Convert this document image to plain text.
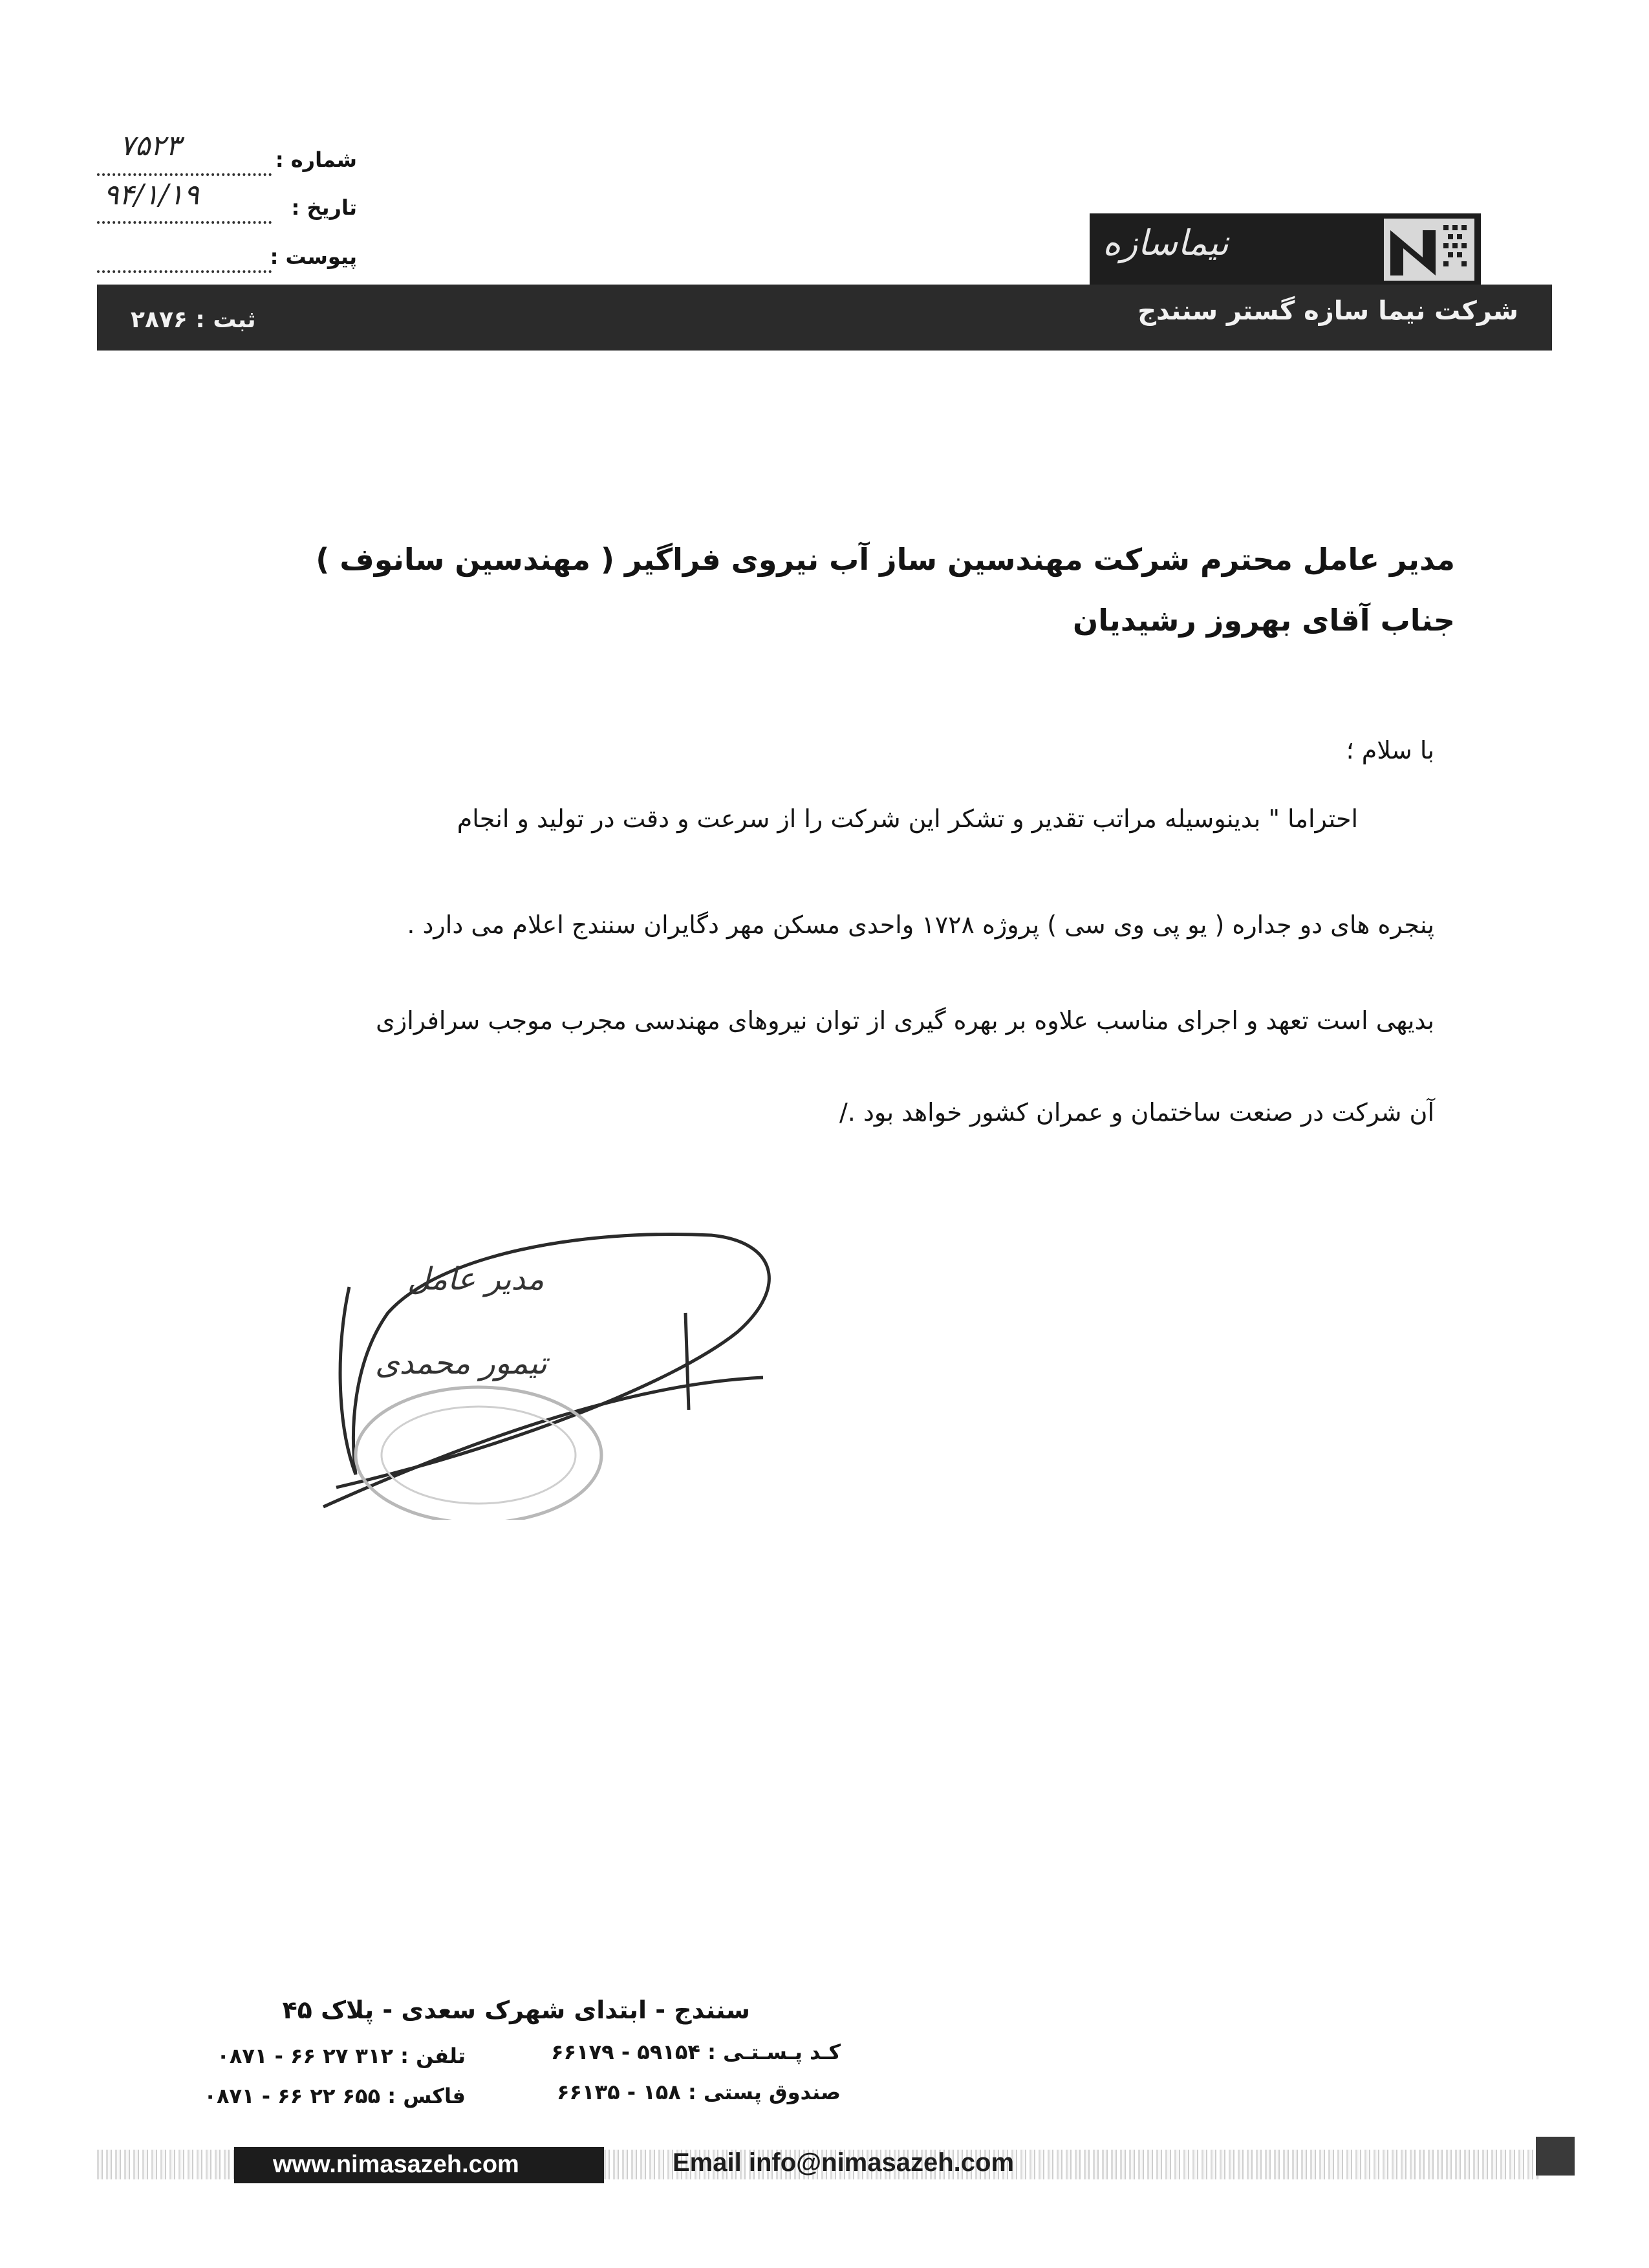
شماره :
۷۵۲۳
تاریخ :
۹۴/۱/۱۹
پیوست :	نیماسازه
شرکت نیما سازه گستر سنندج
ثبت : ۲۸۷۶
مدیر عامل محترم شرکت مهندسین ساز آب نیروی فراگیر ( مهندسین سانوف )
جناب آقای بهروز رشیدیان
با سلام ؛
احتراما " بدینوسیله مراتب تقدیر و تشکر این شرکت را از سرعت و دقت در تولید و انجام
پنجره های دو جداره ( یو پی وی سی ) پروژه ۱۷۲۸ واحدی مسکن مهر دگایران سنندج اعلام می دارد .
بدیهی است تعهد و اجرای مناسب علاوه بر بهره گیری از توان نیروهای مهندسی مجرب موجب سرافرازی
آن شرکت در صنعت ساختمان و عمران کشور خواهد بود ./
مدیر عامل
تیمور محمدی
سنندج - ابتدای شهرک سعدی - پلاک ۴۵
کـد پـسـتـی : ۵۹۱۵۴ - ۶۶۱۷۹
صندوق پستی : ۱۵۸ - ۶۶۱۳۵
تلفن : ۳۱۲ ۲۷ ۶۶ - ۰۸۷۱
فاکس : ۶۵۵ ۲۲ ۶۶ - ۰۸۷۱
www.nimasazeh.com	Email info@nimasazeh.com
